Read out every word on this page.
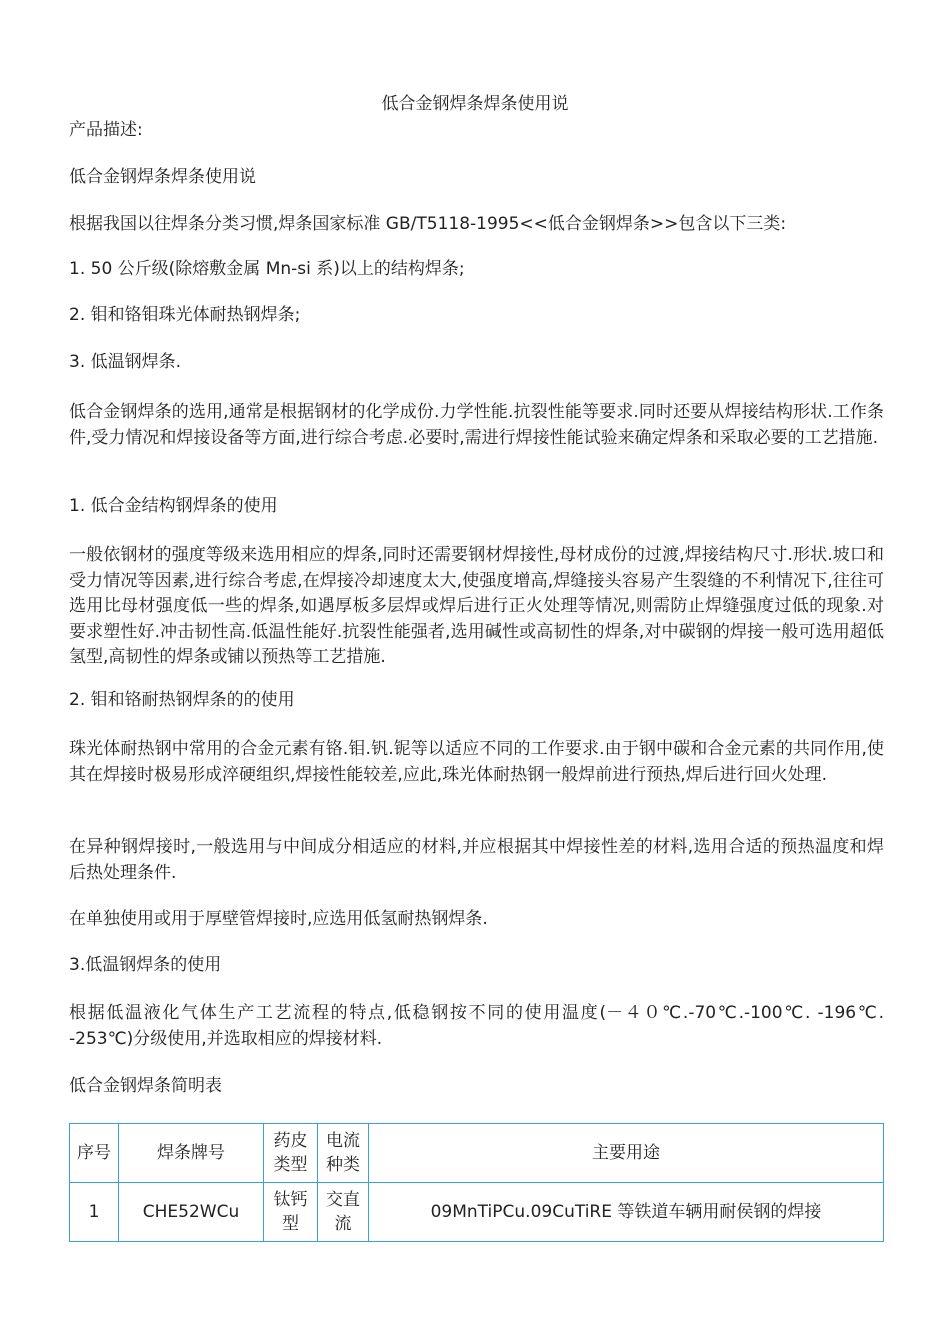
低合金钢焊条焊条使用说
产品描述:
低合金钢焊条焊条使用说
根据我国以往焊条分类习惯,焊条国家标准 GB/T5118-1995<<低合金钢焊条>>包含以下三类:
1. 50 公斤级(除熔敷金属 Mn-si 系)以上的结构焊条;
2. 钼和铬钼珠光体耐热钢焊条;
3. 低温钢焊条.
低合金钢焊条的选用,通常是根据钢材的化学成份.力学性能.抗裂性能等要求.同时还要从焊接结构形状.工作条件,受力情况和焊接设备等方面,进行综合考虑.必要时,需进行焊接性能试验来确定焊条和采取必要的工艺措施.
1. 低合金结构钢焊条的使用
一般依钢材的强度等级来选用相应的焊条,同时还需要钢材焊接性,母材成份的过渡,焊接结构尺寸.形状.坡口和受力情况等因素,进行综合考虑,在焊接冷却速度太大,使强度增高,焊缝接头容易产生裂缝的不利情况下,往往可选用比母材强度低一些的焊条,如遇厚板多层焊或焊后进行正火处理等情况,则需防止焊缝强度过低的现象.对要求塑性好.冲击韧性高.低温性能好.抗裂性能强者,选用碱性或高韧性的焊条,对中碳钢的焊接一般可选用超低氢型,高韧性的焊条或铺以预热等工艺措施.
2. 钼和铬耐热钢焊条的的使用
珠光体耐热钢中常用的合金元素有铬.钼.钒.铌等以适应不同的工作要求.由于钢中碳和合金元素的共同作用,使其在焊接时极易形成淬硬组织,焊接性能较差,应此,珠光体耐热钢一般焊前进行预热,焊后进行回火处理.
在异种钢焊接时,一般选用与中间成分相适应的材料,并应根据其中焊接性差的材料,选用合适的预热温度和焊后热处理条件.
在单独使用或用于厚壁管焊接时,应选用低氢耐热钢焊条.
3.低温钢焊条的使用
根据低温液化气体生产工艺流程的特点,低稳钢按不同的使用温度(－４０℃.-70℃.-100℃. -196℃. -253℃)分级使用,并选取相应的焊接材料.
低合金钢焊条简明表
序号	焊条牌号	药皮类型	电流种类	主要用途
1	CHE52WCu	钛钙型	交直流	09MnTiPCu.09CuTiRE 等铁道车辆用耐侯钢的焊接
